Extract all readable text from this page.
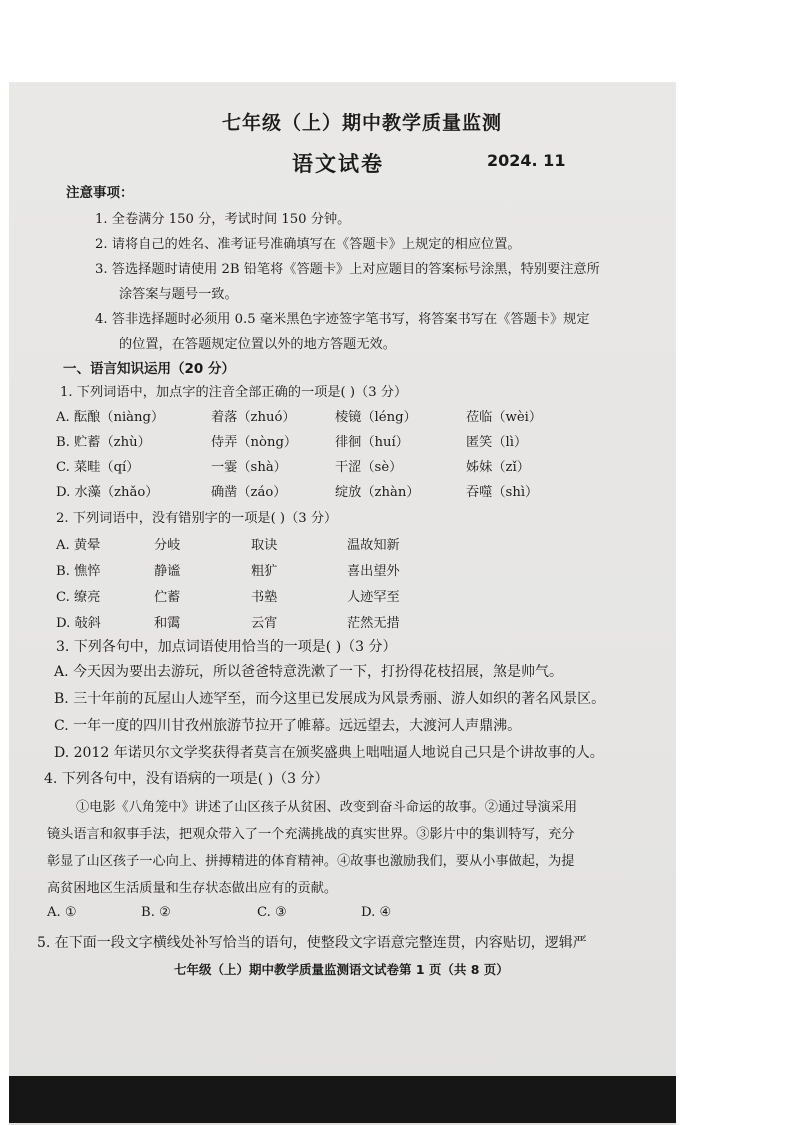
七年级（上）期中教学质量监测
语文试卷	2024. 11
注意事项：
1. 全卷满分 150 分，考试时间 150 分钟。
2. 请将自己的姓名、准考证号准确填写在《答题卡》上规定的相应位置。
3. 答选择题时请使用 2B 铅笔将《答题卡》上对应题目的答案标号涂黑，特别要注意所
涂答案与题号一致。
4. 答非选择题时必须用 0.5 毫米黑色字迹签字笔书写，将答案书写在《答题卡》规定
的位置，在答题规定位置以外的地方答题无效。
一、语言知识运用（20 分）
1. 下列词语中，加点字的注音全部正确的一项是( )（3 分）
A. 酝酿（niàng）	着落（zhuó）	棱镜（léng）	莅临（wèi）
B. 贮蓄（zhù）	侍弄（nòng）	徘徊（huí）	匿笑（lì）
C. 菜畦（qí）	一霎（shà）	干涩（sè）	姊妹（zǐ）
D. 水藻（zhǎo）	确凿（záo）	绽放（zhàn）	吞噬（shì）
2. 下列词语中，没有错别字的一项是( )（3 分）
A. 黄晕	分岐	取诀	温故知新
B. 憔悴	静谧	粗犷	喜出望外
C. 缭亮	伫蓄	书塾	人迹罕至
D. 敧斜	和霭	云宵	茫然无措
3. 下列各句中，加点词语使用恰当的一项是( )（3 分）
A. 今天因为要出去游玩，所以爸爸特意洗漱了一下，打扮得花枝招展，煞是帅气。
B. 三十年前的瓦屋山人迹罕至，而今这里已发展成为风景秀丽、游人如织的著名风景区。
C. 一年一度的四川甘孜州旅游节拉开了帷幕。远远望去，大渡河人声鼎沸。
D. 2012 年诺贝尔文学奖获得者莫言在颁奖盛典上咄咄逼人地说自己只是个讲故事的人。
4. 下列各句中，没有语病的一项是( )（3 分）
①电影《八角笼中》讲述了山区孩子从贫困、改变到奋斗命运的故事。②通过导演采用
镜头语言和叙事手法，把观众带入了一个充满挑战的真实世界。③影片中的集训特写，充分
彰显了山区孩子一心向上、拼搏精进的体育精神。④故事也激励我们，要从小事做起，为提
高贫困地区生活质量和生存状态做出应有的贡献。
A. ①	B. ②	C. ③	D. ④
5. 在下面一段文字横线处补写恰当的语句，使整段文字语意完整连贯，内容贴切，逻辑严
七年级（上）期中教学质量监测语文试卷第 1 页（共 8 页）
